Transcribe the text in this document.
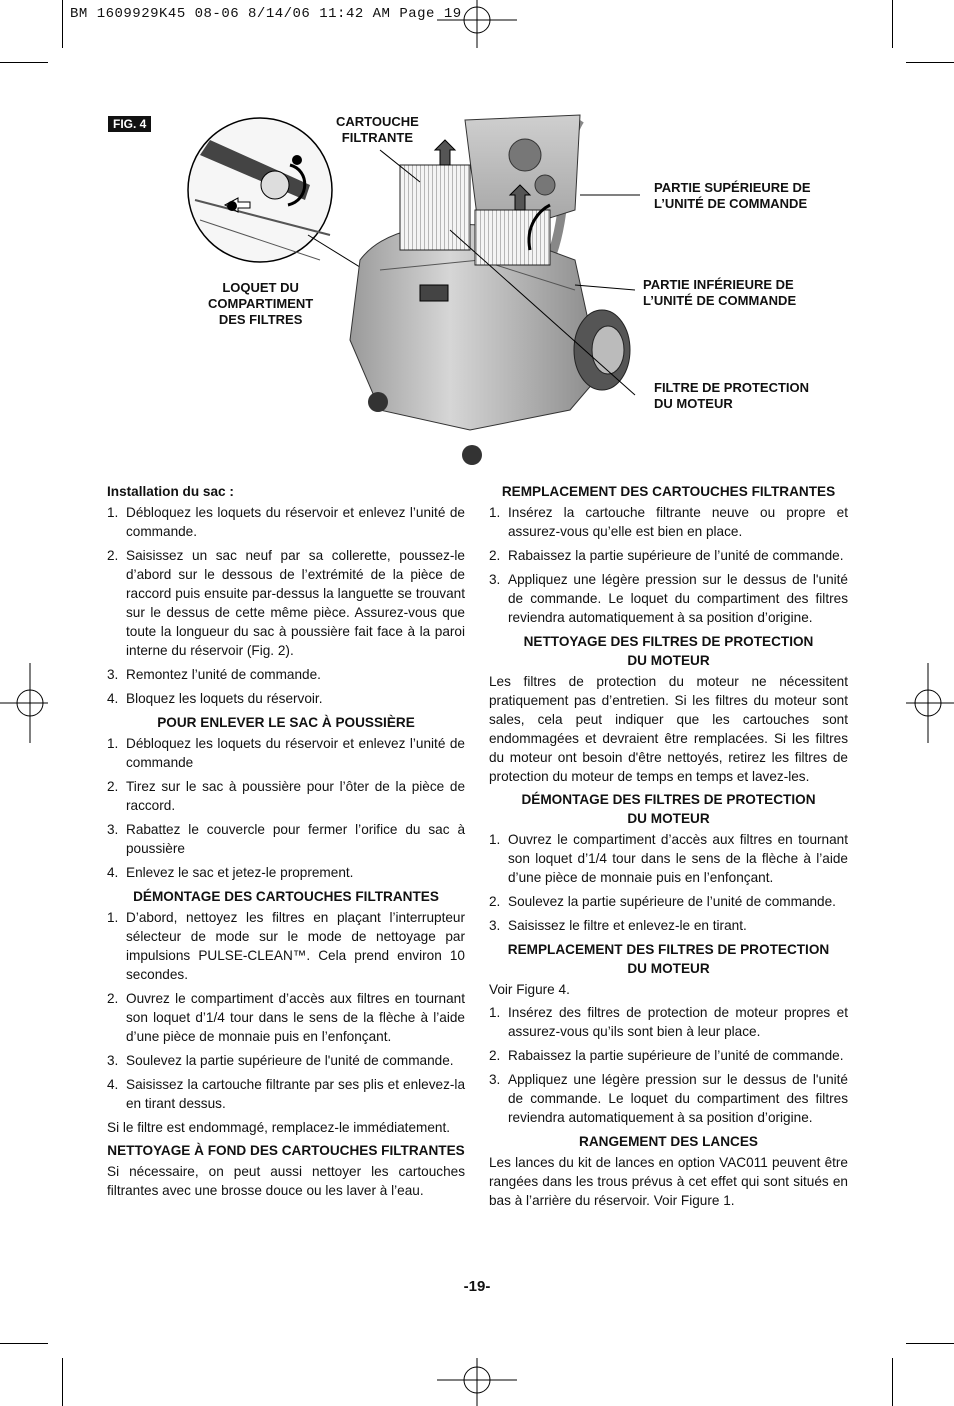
BM 1609929K45 08-06 8/14/06 11:42 AM Page 19
FIG. 4	CARTOUCHE
FILTRANTE
LOQUET DU
COMPARTIMENT
DES FILTRES
PARTIE SUPÉRIEURE DE
L’UNITÉ DE COMMANDE
PARTIE INFÉRIEURE DE
L’UNITÉ DE COMMANDE
FILTRE DE PROTECTION
DU MOTEUR
Installation du sac :
1. Débloquez les loquets du réservoir et enlevez l’unité de commande.
2. Saisissez un sac neuf par sa collerette, poussez-le d’abord sur le dessous de l’extrémité de la pièce de raccord puis ensuite par-dessus la languette se trouvant sur le dessus de cette même pièce. Assurez-vous que toute la longueur du sac à poussière fait face à la paroi interne du réservoir (Fig. 2).
3. Remontez l’unité de commande.
4. Bloquez les loquets du réservoir.
POUR ENLEVER LE SAC À POUSSIÈRE
1. Débloquez les loquets du réservoir et enlevez l’unité de commande
2. Tirez sur le sac à poussière pour l’ôter de la pièce de raccord.
3. Rabattez le couvercle pour fermer l’orifice du sac à poussière
4. Enlevez le sac et jetez-le proprement.
DÉMONTAGE DES CARTOUCHES FILTRANTES
1. D’abord, nettoyez les filtres en plaçant l’interrupteur sélecteur de mode sur le mode de nettoyage par impulsions PULSE-CLEAN™. Cela prend environ 10 secondes.
2. Ouvrez le compartiment d’accès aux filtres en tournant son loquet d’1/4 tour dans le sens de la flèche à l’aide d’une pièce de monnaie puis en l’enfonçant.
3. Soulevez la partie supérieure de l'unité de commande.
4. Saisissez la cartouche filtrante par ses plis et enlevez-la en tirant dessus.

Si le filtre est endommagé, remplacez-le immédiatement.

NETTOYAGE À FOND DES CARTOUCHES FILTRANTES

Si nécessaire, on peut aussi nettoyer les cartouches filtrantes avec une brosse douce ou les laver à l’eau.

REMPLACEMENT DES CARTOUCHES FILTRANTES
1. Insérez la cartouche filtrante neuve ou propre et assurez-vous qu’elle est bien en place.
2. Rabaissez la partie supérieure de l’unité de commande.
3. Appliquez une légère pression sur le dessus de l'unité de commande. Le loquet du compartiment des filtres reviendra automatiquement à sa position d’origine.
NETTOYAGE DES FILTRES DE PROTECTION
DU MOTEUR

Les filtres de protection du moteur ne nécessitent pratiquement pas d’entretien. Si les filtres du moteur sont sales, cela peut indiquer que les cartouches sont endommagées et devraient être remplacées. Si les filtres du moteur ont besoin d'être nettoyés, retirez les filtres de protection du moteur de temps en temps et lavez-les.

DÉMONTAGE DES FILTRES DE PROTECTION
DU MOTEUR
1. Ouvrez le compartiment d’accès aux filtres en tournant son loquet d’1/4 tour dans le sens de la flèche à l’aide d’une pièce de monnaie puis en l’enfonçant.
2. Soulevez la partie supérieure de l’unité de commande.
3. Saisissez le filtre et enlevez-le en tirant.
REMPLACEMENT DES FILTRES DE PROTECTION
DU MOTEUR

Voir Figure 4.

1. Insérez des filtres de protection de moteur propres et assurez-vous qu’ils sont bien à leur place.
2. Rabaissez la partie supérieure de l’unité de commande.
3. Appliquez une légère pression sur le dessus de l'unité de commande. Le loquet du compartiment des filtres reviendra automatiquement à sa position d’origine.
RANGEMENT DES LANCES

Les lances du kit de lances en option VAC011 peuvent être rangées dans les trous prévus à cet effet qui sont situés en bas à l’arrière du réservoir. Voir Figure 1.

-19-
